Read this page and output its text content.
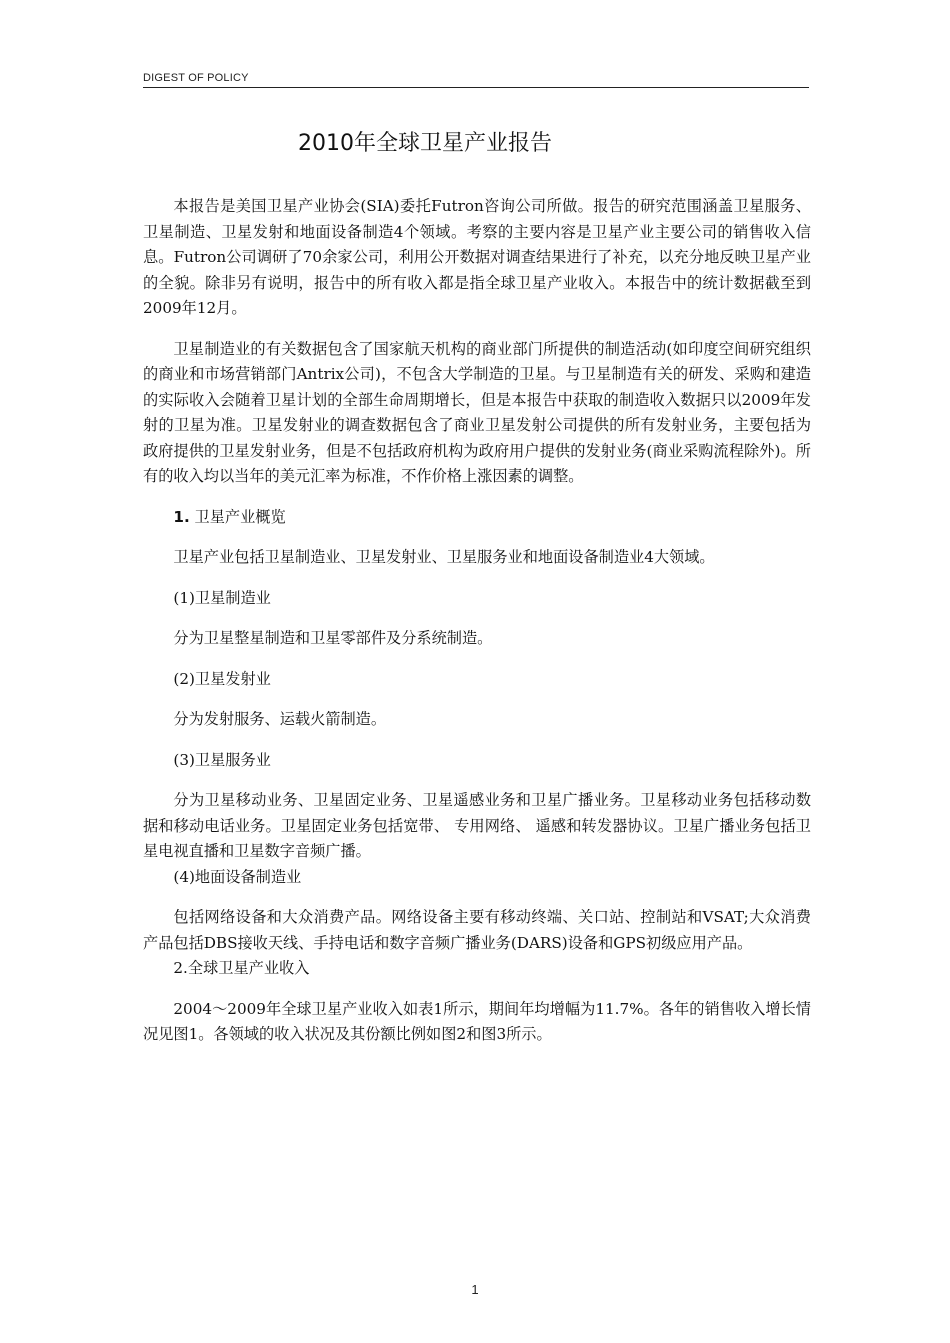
DIGEST OF POLICY
2010年全球卫星产业报告

本报告是美国卫星产业协会(SIA)委托Futron咨询公司所做。报告的研究范围涵盖卫星服务、卫星制造、卫星发射和地面设备制造4个领域。考察的主要内容是卫星产业主要公司的销售收入信息。Futron公司调研了70余家公司，利用公开数据对调查结果进行了补充，以充分地反映卫星产业的全貌。除非另有说明，报告中的所有收入都是指全球卫星产业收入。本报告中的统计数据截至到2009年12月。

卫星制造业的有关数据包含了国家航天机构的商业部门所提供的制造活动(如印度空间研究组织的商业和市场营销部门Antrix公司)，不包含大学制造的卫星。与卫星制造有关的研发、采购和建造的实际收入会随着卫星计划的全部生命周期增长，但是本报告中获取的制造收入数据只以2009年发射的卫星为准。卫星发射业的调查数据包含了商业卫星发射公司提供的所有发射业务，主要包括为政府提供的卫星发射业务，但是不包括政府机构为政府用户提供的发射业务(商业采购流程除外)。所有的收入均以当年的美元汇率为标准，不作价格上涨因素的调整。

1. 卫星产业概览

卫星产业包括卫星制造业、卫星发射业、卫星服务业和地面设备制造业4大领域。

(1)卫星制造业

分为卫星整星制造和卫星零部件及分系统制造。

(2)卫星发射业

分为发射服务、运载火箭制造。

(3)卫星服务业

分为卫星移动业务、卫星固定业务、卫星遥感业务和卫星广播业务。卫星移动业务包括移动数据和移动电话业务。卫星固定业务包括宽带、 专用网络、 遥感和转发器协议。卫星广播业务包括卫星电视直播和卫星数字音频广播。

(4)地面设备制造业

包括网络设备和大众消费产品。网络设备主要有移动终端、关口站、控制站和VSAT;大众消费产品包括DBS接收天线、手持电话和数字音频广播业务(DARS)设备和GPS初级应用产品。

2.全球卫星产业收入

2004～2009年全球卫星产业收入如表1所示，期间年均增幅为11.7%。各年的销售收入增长情况见图1。各领域的收入状况及其份额比例如图2和图3所示。

1
